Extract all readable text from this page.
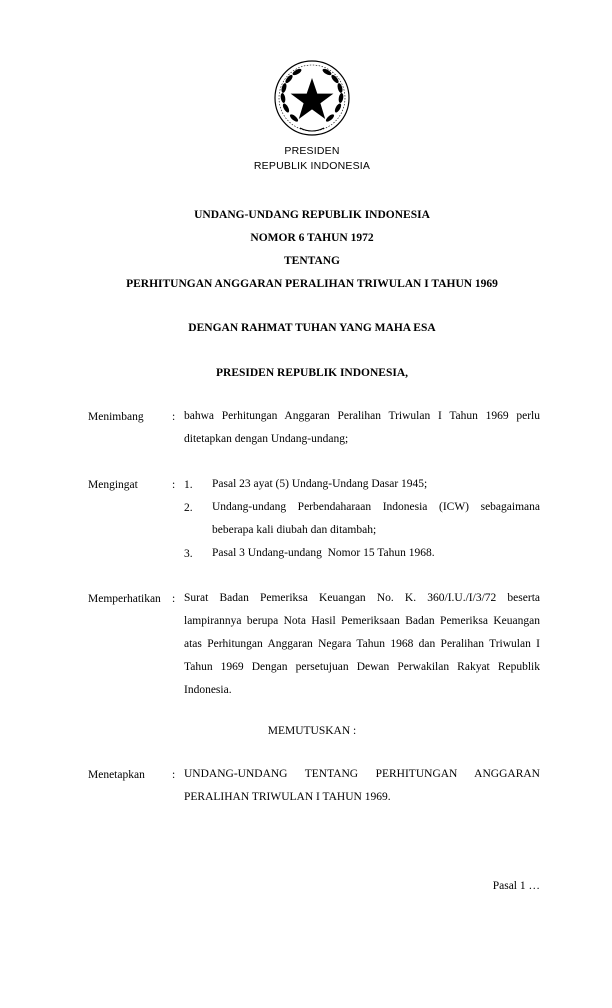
PRESIDEN
REPUBLIK INDONESIA
UNDANG-UNDANG REPUBLIK INDONESIA
NOMOR 6 TAHUN 1972
TENTANG
PERHITUNGAN ANGGARAN PERALIHAN TRIWULAN I TAHUN 1969
DENGAN RAHMAT TUHAN YANG MAHA ESA
PRESIDEN REPUBLIK INDONESIA,
Menimbang : bahwa Perhitungan Anggaran Peralihan Triwulan I Tahun 1969 perlu ditetapkan dengan Undang-undang;
Mengingat	: 1. Pasal 23 ayat (5) Undang-Undang Dasar 1945;
2. Undang-undang Perbendaharaan Indonesia (ICW) sebagaimana beberapa kali diubah dan ditambah;
3. Pasal 3 Undang-undang  Nomor 15 Tahun 1968.
Memperhatikan : Surat Badan Pemeriksa Keuangan No. K. 360/I.U./I/3/72 beserta lampirannya berupa Nota Hasil Pemeriksaan Badan Pemeriksa Keuangan atas Perhitungan Anggaran Negara Tahun 1968 dan Peralihan Triwulan I Tahun 1969 Dengan persetujuan Dewan Perwakilan Rakyat Republik Indonesia.
MEMUTUSKAN :
Menetapkan : UNDANG-UNDANG TENTANG PERHITUNGAN ANGGARAN PERALIHAN TRIWULAN I TAHUN 1969.
Pasal 1 …
